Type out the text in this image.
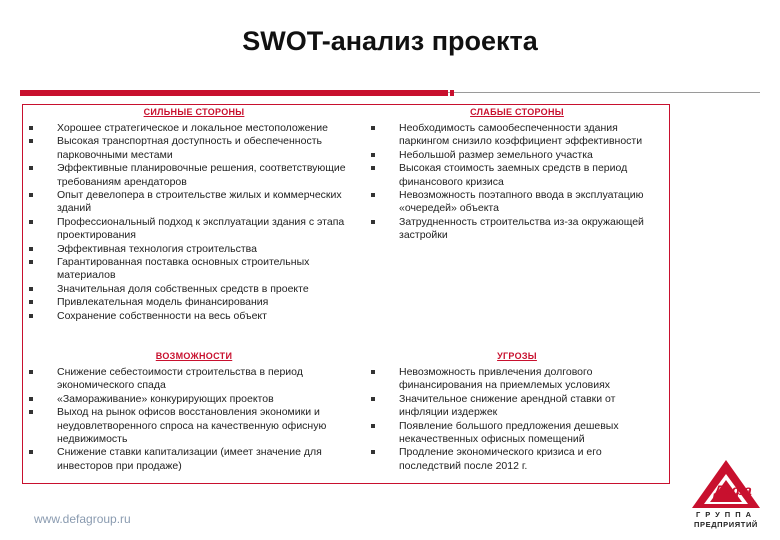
SWOT-анализ проекта
СИЛЬНЫЕ СТОРОНЫ
Хорошее стратегическое и локальное местоположение
Высокая транспортная доступность и обеспеченность парковочными местами
Эффективные планировочные решения, соответствующие требованиям арендаторов
Опыт девелопера в строительстве жилых и коммерческих зданий
Профессиональный подход к эксплуатации здания с этапа проектирования
Эффективная технология строительства
Гарантированная поставка основных строительных материалов
Значительная доля собственных средств в проекте
Привлекательная модель финансирования
Сохранение собственности на весь объект
СЛАБЫЕ СТОРОНЫ
Необходимость самообеспеченности здания паркингом снизило коэффициент эффективности
Небольшой размер земельного участка
Высокая стоимость заемных средств в период финансового кризиса
Невозможность поэтапного ввода в эксплуатацию «очередей» объекта
Затрудненность строительства из-за окружающей застройки
ВОЗМОЖНОСТИ
Снижение себестоимости строительства в период экономического спада
«Замораживание» конкурирующих проектов
Выход на рынок офисов восстановления экономики и неудовлетворенного спроса на качественную офисную недвижимость
Снижение ставки капитализации (имеет значение для инвесторов при продаже)
УГРОЗЫ
Невозможность привлечения долгового финансирования на приемлемых условиях
Значительное снижение арендной ставки от инфляции издержек
Появление большого предложения дешевых некачественных офисных помещений
Продление экономического кризиса и его последствий после 2012 г.
www.defagroup.ru
Дэфа
ГРУППА
ПРЕДПРИЯТИЙ
